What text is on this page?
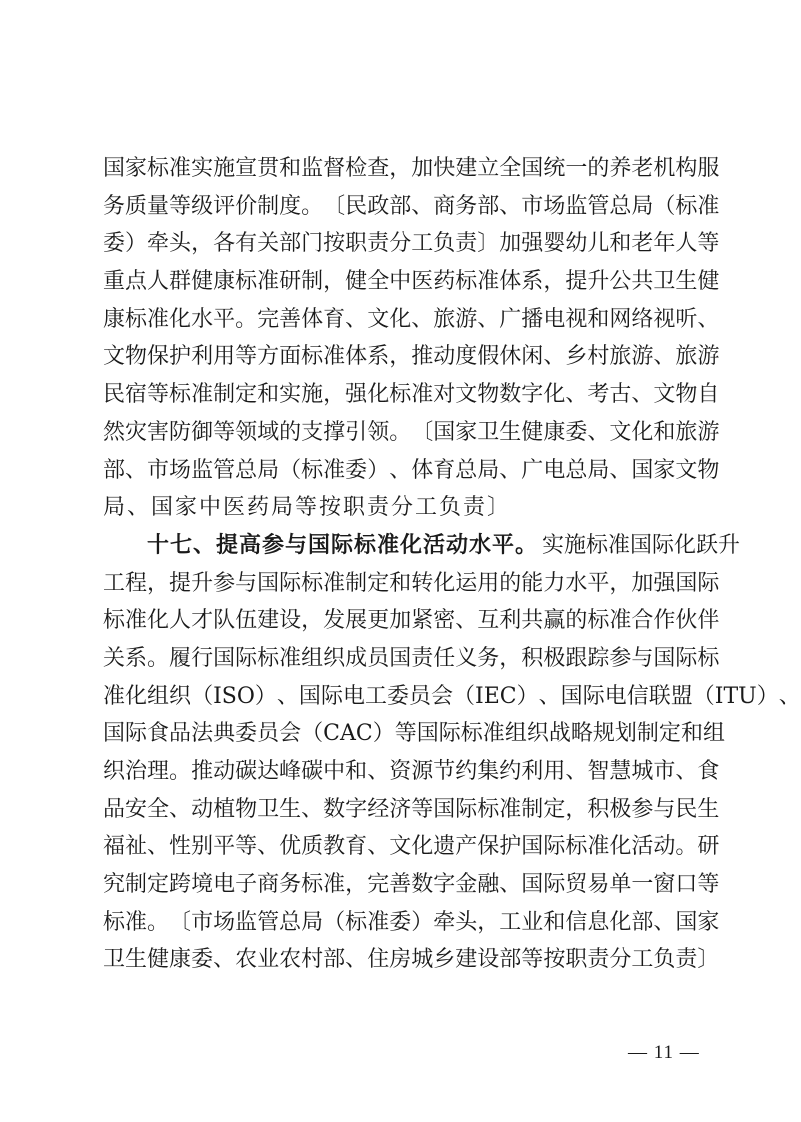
国 家 标 准 实 施 宣 贯 和 监 督 检 查 ， 加 快 建 立 全 国 统 一 的 养 老 机 构 服
务 质 量 等 级 评 价 制 度 。 〔 民 政 部 、 商 务 部 、 市 场 监 管 总 局 （ 标 准
委 ） 牵 头 ， 各 有 关 部 门 按 职 责 分 工 负 责 〕 加 强 婴 幼 儿 和 老 年 人 等
重 点 人 群 健 康 标 准 研 制 ， 健 全 中 医 药 标 准 体 系 ， 提 升 公 共 卫 生 健
康 标 准 化 水 平 。 完 善 体 育 、 文 化 、 旅 游 、 广 播 电 视 和 网 络 视 听 、
文 物 保 护 利 用 等 方 面 标 准 体 系 ， 推 动 度 假 休 闲 、 乡 村 旅 游 、 旅 游
民 宿 等 标 准 制 定 和 实 施 ， 强 化 标 准 对 文 物 数 字 化 、 考 古 、 文 物 自
然 灾 害 防 御 等 领 域 的 支 撑 引 领 。 〔 国 家 卫 生 健 康 委 、 文 化 和 旅 游
部 、 市 场 监 管 总 局 （ 标 准 委 ） 、 体 育 总 局 、 广 电 总 局 、 国 家 文 物
局、国家中医药局等按职责分工负责〕
十七、提高参与国际标准化活动水平。 实施标准国际化跃升
工 程 ， 提 升 参 与 国 际 标 准 制 定 和 转 化 运 用 的 能 力 水 平 ， 加 强 国 际
标 准 化 人 才 队 伍 建 设 ， 发 展 更 加 紧 密 、 互 利 共 赢 的 标 准 合 作 伙 伴
关 系 。 履 行 国 际 标 准 组 织 成 员 国 责 任 义 务 ， 积 极 跟 踪 参 与 国 际 标
准 化 组 织 （ ISO ） 、 国 际 电 工 委 员 会 （ IEC ） 、 国 际 电 信 联 盟 （ ITU ） 、
国 际 食 品 法 典 委 员 会 （ CAC ） 等 国 际 标 准 组 织 战 略 规 划 制 定 和 组
织 治 理 。 推 动 碳 达 峰 碳 中 和 、 资 源 节 约 集 约 利 用 、 智 慧 城 市 、 食
品 安 全 、 动 植 物 卫 生 、 数 字 经 济 等 国 际 标 准 制 定 ， 积 极 参 与 民 生
福 祉 、 性 别 平 等 、 优 质 教 育 、 文 化 遗 产 保 护 国 际 标 准 化 活 动 。 研
究 制 定 跨 境 电 子 商 务 标 准 ， 完 善 数 字 金 融 、 国 际 贸 易 单 一 窗 口 等
标 准 。 〔 市 场 监 管 总 局 （ 标 准 委 ） 牵 头 ， 工 业 和 信 息 化 部 、 国 家
卫 生 健 康 委 、 农 业 农 村 部 、 住 房 城 乡 建 设 部 等 按 职 责 分 工 负 责 〕
— 11 —
